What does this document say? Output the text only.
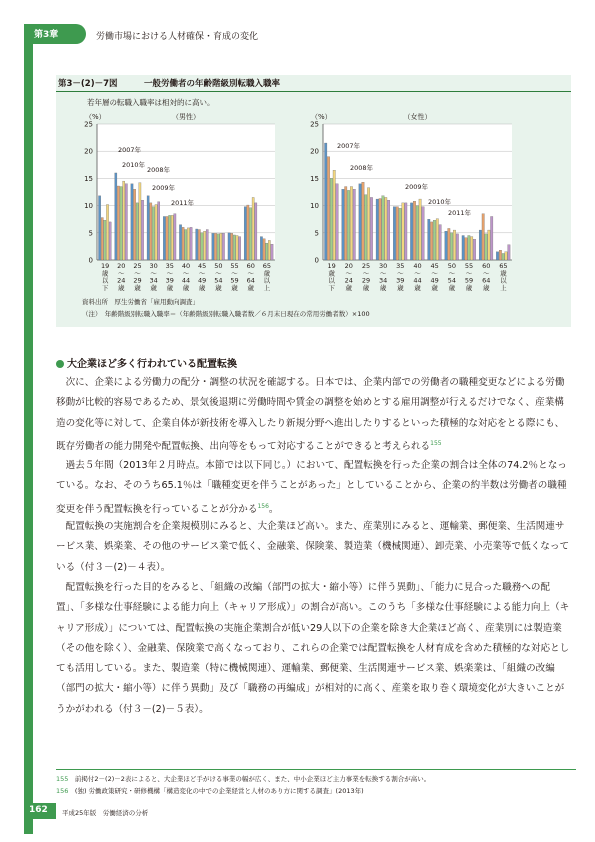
第3章	労働市場における人材確保・育成の変化
第3－(2)－7図	一般労働者の年齢階級別転職入職率
若年層の転職入職率は相対的に高い。
0
5
10
15
20
25
（%）	（男性）
19 歳以下
20 〜 24 歳
25 〜 29 歳
30 〜 34 歳
35 〜 39 歳
40 〜 44 歳
45 〜 49 歳
50 〜 54 歳
55 〜 59 歳
60 〜 64 歳
65 歳以上
2007年
2010年
2008年
2009年
2011年
0
5
10
15
20
25
（%）	（女性）
19 歳以下
20 〜 24 歳
25 〜 29 歳
30 〜 34 歳
35 〜 39 歳
40 〜 44 歳
45 〜 49 歳
50 〜 54 歳
55 〜 59 歳
60 〜 64 歳
65 歳以上
2007年
2008年
2009年
2010年
2011年
資料出所　厚生労働省「雇用動向調査」
（注）　年齢階級別転職入職率＝（年齢階級別転職入職者数／６月末日現在の常用労働者数）×100
大企業ほど多く行われている配置転換

次に、企業による労働力の配分・調整の状況を確認する。日本では、企業内部での労働者の職種変更などによる労働移動が比較的容易であるため、景気後退期に労働時間や賃金の調整を始めとする雇用調整が行えるだけでなく、産業構造の変化等に対して、企業自体が新技術を導入したり新規分野へ進出したりするといった積極的な対応をとる際にも、既存労働者の能力開発や配置転換、出向等をもって対応することができると考えられる$^{155}$

過去５年間（2013年２月時点。本節では以下同じ。）において、配置転換を行った企業の割合は全体の74.2％となっている。なお、そのうち65.1％は「職種変更を伴うことがあった」としていることから、企業の約半数は労働者の職種変更を伴う配置転換を行っていることが分かる$^{156}$。

配置転換の実施割合を企業規模別にみると、大企業ほど高い。また、産業別にみると、運輸業、郵便業、生活関連サービス業、娯楽業、その他のサービス業で低く、金融業、保険業、製造業（機械関連）、卸売業、小売業等で低くなっている（付３－(2)－４表）。

配置転換を行った目的をみると、「組織の改編（部門の拡大・縮小等）に伴う異動」、「能力に見合った職務への配置」、「多様な仕事経験による能力向上（キャリア形成）」の割合が高い。このうち「多様な仕事経験による能力向上（キャリア形成）」については、配置転換の実施企業割合が低い29人以下の企業を除き大企業ほど高く、産業別には製造業（その他を除く）、金融業、保険業で高くなっており、これらの企業では配置転換を人材育成を含めた積極的な対応としても活用している。また、製造業（特に機械関連）、運輸業、郵便業、生活関連サービス業、娯楽業は、「組織の改編（部門の拡大・縮小等）に伴う異動」及び「職務の再編成」が相対的に高く、産業を取り巻く環境変化が大きいことがうかがわれる（付３－(2)－５表）。

155　 前掲付2－(2)－2表によると、大企業ほど手がける事業の幅が広く、また、中小企業ほど主力事業を転換する割合が高い。
156　 (独) 労働政策研究・研修機構「構造変化の中での企業経営と人材のあり方に関する調査」(2013年)
162 平成25年版　労働経済の分析
